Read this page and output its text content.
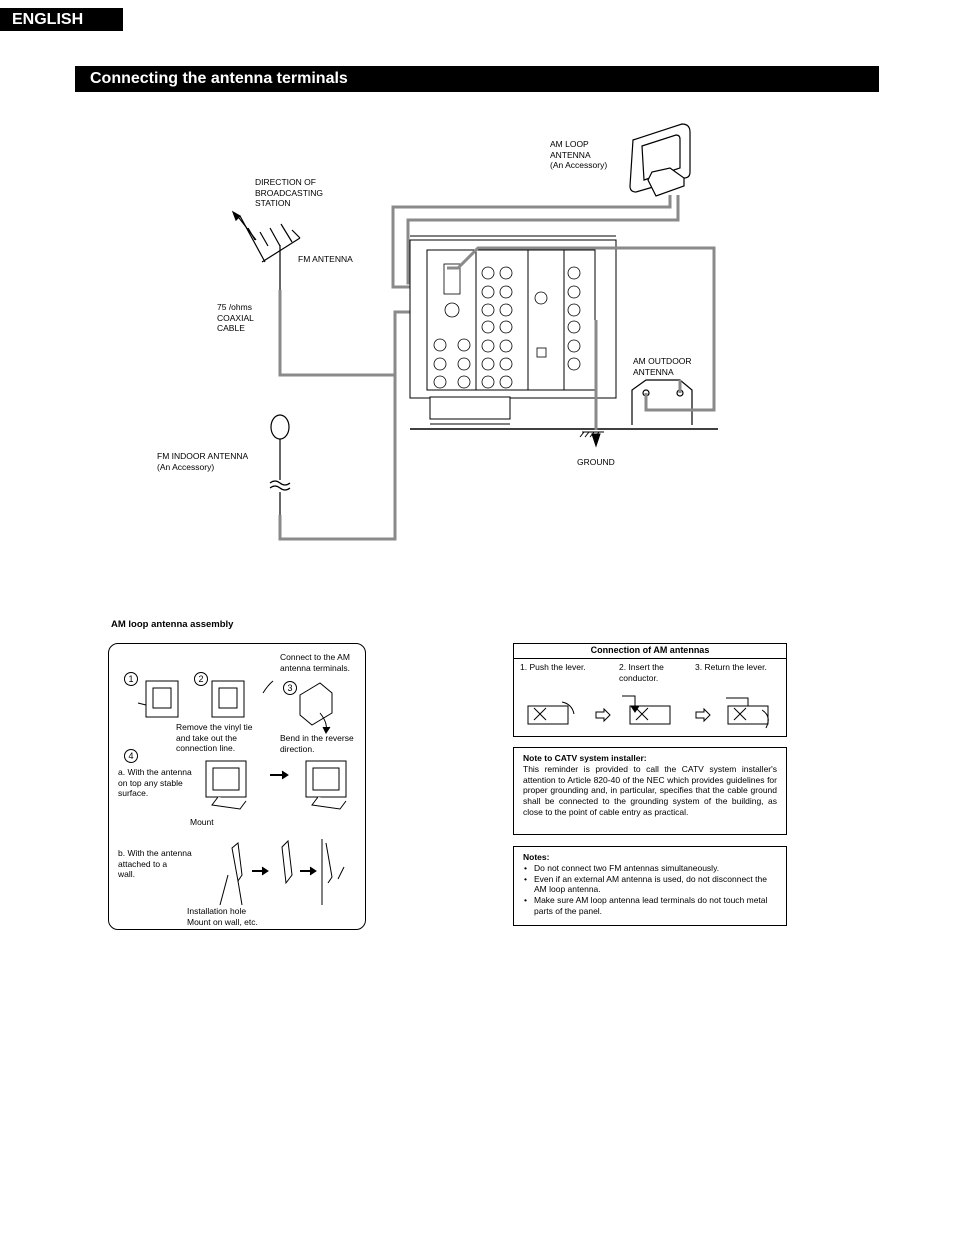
ENGLISH
Connecting the antenna terminals
AM LOOP
ANTENNA
(An Accessory)
DIRECTION OF
BROADCASTING
STATION
FM ANTENNA
75 /ohms
COAXIAL
CABLE
AM OUTDOOR
ANTENNA
FM INDOOR ANTENNA
(An Accessory)	GROUND
AM loop antenna assembly
1	2
3
4
Connect to the AM
antenna terminals.
Remove the vinyl tie
and take out the
connection line.
Bend in the reverse
direction.
a. With the antenna
on top any stable
surface.
Mount
b. With the antenna
attached to a
wall.
Installation hole
Mount on wall, etc.
Connection of AM antennas
1. Push the lever.	2. Insert the
conductor.
3. Return the lever.
Note to CATV system installer:
This reminder is provided to call the CATV system installer's attention to Article 820-40 of the NEC which provides guidelines for proper grounding and, in particular, specifies that the cable ground shall be connected to the grounding system of the building, as close to the point of cable entry as practical.
Notes:
• Do not connect two FM antennas simultaneously.
• Even if an external AM antenna is used, do not disconnect the AM loop antenna.
• Make sure AM loop antenna lead terminals do not touch metal parts of the panel.
